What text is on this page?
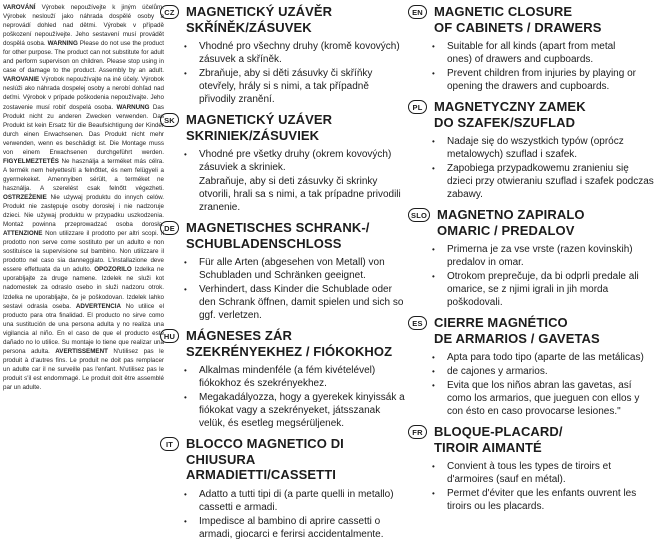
VAROVÁNÍ Výrobek nepoužívejte k jiným účelům. Výrobek neslouží jako náhrada dospělé osoby a neprovádí dohled nad dětmi. Výrobek v případě poškození nepoužívejte. Jeho sestavení musí provádět dospělá osoba. WARNING Please do not use the product for other purpose. The product can not substitute for adult and perform supervison on children. Please stop using in case of damage to the product. Assembly by an adult. VAROVANIE Výrobok nepoužívajte na iné účely. Výrobok neslúži ako náhrada dospelej osoby a nerobí dohľad nad deťmi. Výrobok v prípade poškodenia nepoužívajte. Jeho zostavenie musí robiť dospelá osoba. WARNUNG Das Produkt nicht zu anderen Zwecken verwenden. Das Produkt ist kein Ersatz für die Beaufsichtigung der Kinder durch einen Erwachsenen. Das Produkt nicht mehr verwenden, wenn es beschädigt ist. Die Montage muss von einem Erwachsenen durchgeführt werden. FIGYELMEZTETÉS Ne használja a terméket más célra. A termék nem helyettesíti a felnőttet, és nem felügyeli a gyermekeket. Amennyiben sérült, a terméket ne használja. A szerelést csak felnőtt végezheti. OSTRZEŻENIE Nie używaj produktu do innych celów. Produkt nie zastępuje osoby dorosłej i nie nadzoruje dzieci. Nie używaj produktu w przypadku uszkodzenia. Montaż powinna przeprowadzać osoba dorosła. ATTENZIONE Non utilizzare il prodotto per altri scopi. Il prodotto non serve come sostituto per un adulto e non sostituisce la supervisione sul bambino. Non utilizzare il prodotto nel caso sia danneggiato. L'installazione deve essere effettuata da un adulto. OPOZORILO Izdelka ne uporabljajte za druge namene. Izdelek ne služi kot nadomestek za odraslo osebo in služi nadzoru otrok. Izdelka ne uporabljajte, če je poškodovan. Izdelek lahko sestavi odrasla oseba. ADVERTENCIA No utilice el producto para otra finalidad. El producto no sirve como una sustitución de una persona adulta y no realiza una vigilancia al niño. En el caso de que el producto esté dañado no lo utilice. Su montaje lo tiene que realizar una persona adulta. AVERTISSEMENT N'utilisez pas le produit à d'autres fins. Le produit ne doit pas remplacer un adulte car il ne surveille pas l'enfant. N'utilisez pas le produit s'il est endommagé. Le produit doit être assemblé par un adulte.
CZ MAGNETICKÝ UZÁVĚR
SKŘÍNĚK/ZÁSUVEK
•	Vhodné pro všechny druhy (kromě kovových) zásuvek a skříněk.
•	Zbraňuje, aby si děti zásuvky či skříňky otevřely, hrály si s nimi, a tak případně přivodily zranění.
SK MAGNETICKÝ UZÁVER
SKRINIEK/ZÁSUVIEK
•	Vhodné pre všetky druhy (okrem kovových) zásuviek a skriniek.
Zabraňuje, aby si deti zásuvky či skrinky otvorili, hrali sa s nimi, a tak prípadne privodili zranenie.
DE MAGNETISCHES SCHRANK-/
SCHUBLADENSCHLOSS
•	Für alle Arten (abgesehen von Metall) von Schubladen und Schränken geeignet.
•	Verhindert, dass Kinder die Schublade oder den Schrank öffnen, damit spielen und sich so ggf. verletzen.
HU MÁGNESES ZÁR
SZEKRÉNYEKHEZ / FIÓKOKHOZ
•	Alkalmas mindenféle (a fém kivételével) fiókokhoz és szekrényekhez.
•	Megakadályozza, hogy a gyerekek kinyissák a fiókokat vagy a szekrényeket, játsszanak velük, és esetleg megsérüljenek.
IT BLOCCO MAGNETICO DI CHIUSURA
ARMADIETTI/CASSETTI
•	Adatto a tutti tipi di (a parte quelli in metallo) cassetti e armadi.
•	Impedisce al bambino di aprire cassetti o armadi, giocarci e ferirsi accidentalmente.
EN MAGNETIC CLOSURE
OF CABINETS / DRAWERS
•	Suitable for all kinds (apart from metal ones) of drawers and cupboards.
•	Prevent children from injuries by playing or opening the drawers and cupboards.
PL MAGNETYCZNY ZAMEK
DO SZAFEK/SZUFLAD
•	Nadaje się do wszystkich typów (oprócz metalowych) szuflad i szafek.
•	Zapobiega przypadkowemu zranieniu się dzieci przy otwieraniu szuflad i szafek podczas zabawy.
SLO MAGNETNO ZAPIRALO
OMARIC / PREDALOV
•	Primerna je za vse vrste (razen kovinskih) predalov in omar.
•	Otrokom preprečuje, da bi odprli predale ali omarice, se z njimi igrali in jih morda poškodovali.
ES CIERRE MAGNÉTICO
DE ARMARIOS / GAVETAS
•	Apta para todo tipo (aparte de las metálicas)
•	de cajones y armarios.
•	Evita que los niños abran las gavetas, así como los armarios, que jueguen con ellos y con ésto en caso provocarse lesiones."
FR BLOQUE-PLACARD/
TIROIR AIMANTÉ
•	Convient à tous les types de tiroirs et d'armoires (sauf en métal).
•	Permet d'éviter que les enfants ouvrent les tiroirs ou les placards.
